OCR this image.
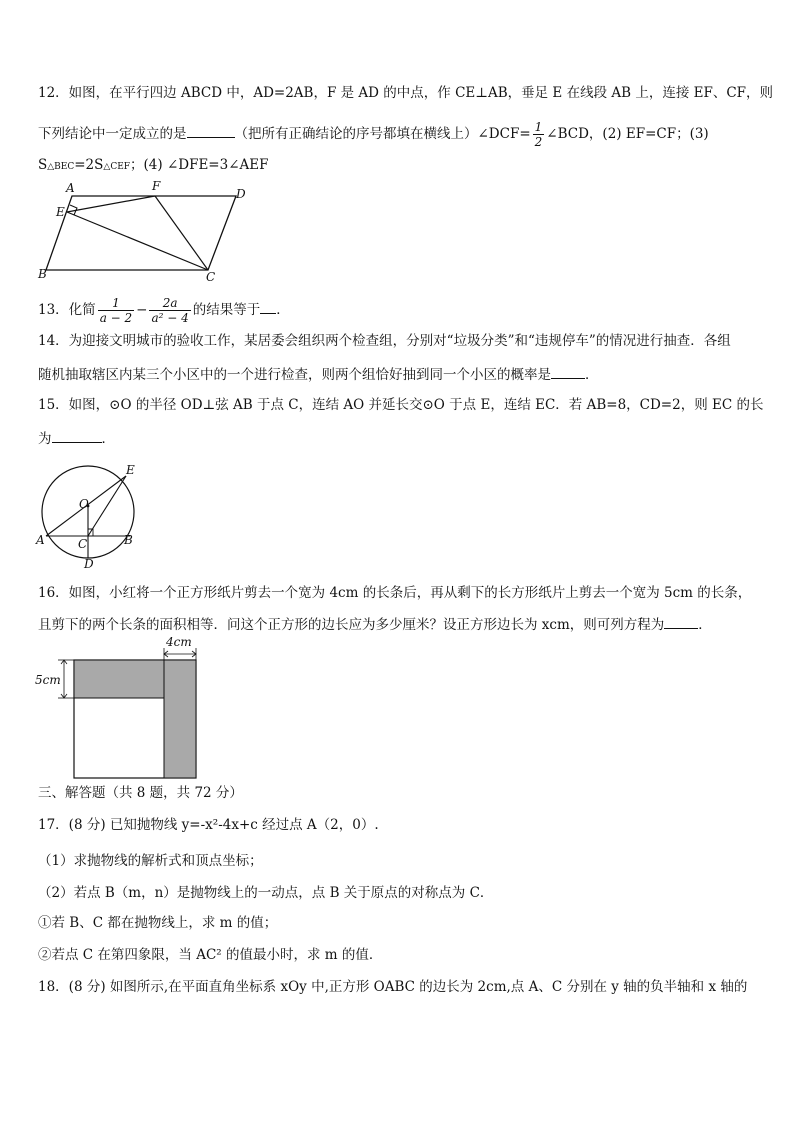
12．如图，在平行四边 ABCD 中，AD=2AB，F 是 AD 的中点，作 CE⊥AB，垂足 E 在线段 AB 上，连接 EF、CF，则
下列结论中一定成立的是	（把所有正确结论的序号都填在横线上）∠DCF= $\frac{1}{2}$ ∠BCD，(2) EF=CF；(3)
S△BEC=2S△CEF；(4) ∠DFE=3∠AEF
A	F
D
E
B	C
13．化简 $\frac{1}{a - 2} - \frac{2a}{\text{a² − 4}}$ 的结果等于 ．
14．为迎接文明城市的验收工作，某居委会组织两个检查组，分别对“垃圾分类”和“违规停车”的情况进行抽查．各组
随机抽取辖区内某三个小区中的一个进行检查，则两个组恰好抽到同一个小区的概率是	．
15．如图，⊙O 的半径 OD⊥弦 AB 于点 C，连结 AO 并延长交⊙O 于点 E，连结 EC．若 AB=8，CD=2，则 EC 的长
为	．
E
O
A	C	B
D
16．如图，小红将一个正方形纸片剪去一个宽为 4cm 的长条后，再从剩下的长方形纸片上剪去一个宽为 5cm 的长条，
且剪下的两个长条的面积相等．问这个正方形的边长应为多少厘米？设正方形边长为 xcm，则可列方程为	．
4cm
5cm
三、解答题（共 8 题，共 72 分）
17．(8 分) 已知抛物线 y=-x²-4x+c 经过点 A（2，0）.
（1）求抛物线的解析式和顶点坐标；
（2）若点 B（m，n）是抛物线上的一动点，点 B 关于原点的对称点为 C．
①若 B、C 都在抛物线上，求 m 的值；
②若点 C 在第四象限，当 AC² 的值最小时，求 m 的值．
18．(8 分) 如图所示,在平面直角坐标系 xOy 中,正方形 OABC 的边长为 2cm,点 A、C 分别在 y 轴的负半轴和 x 轴的
